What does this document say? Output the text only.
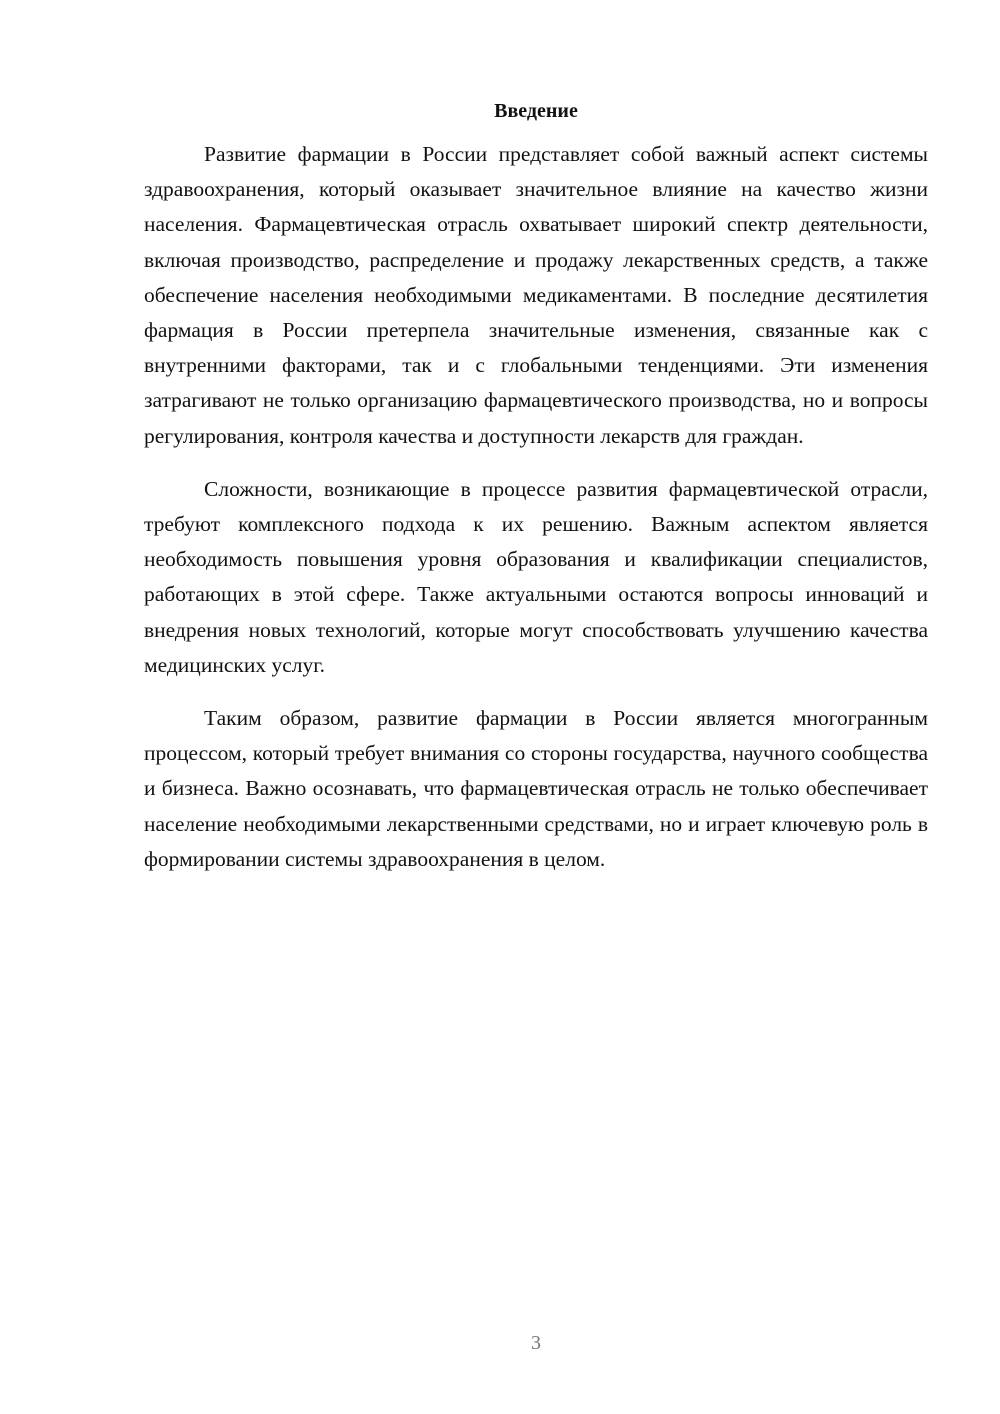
Введение

Развитие фармации в России представляет собой важный аспект системы здравоохранения, который оказывает значительное влияние на качество жизни населения. Фармацевтическая отрасль охватывает широкий спектр деятельности, включая производство, распределение и продажу лекарственных средств, а также обеспечение населения необходимыми медикаментами. В последние десятилетия фармация в России претерпела значительные изменения, связанные как с внутренними факторами, так и с глобальными тенденциями. Эти изменения затрагивают не только организацию фармацевтического производства, но и вопросы регулирования, контроля качества и доступности лекарств для граждан.

Сложности, возникающие в процессе развития фармацевтической отрасли, требуют комплексного подхода к их решению. Важным аспектом является необходимость повышения уровня образования и квалификации специалистов, работающих в этой сфере. Также актуальными остаются вопросы инноваций и внедрения новых технологий, которые могут способствовать улучшению качества медицинских услуг.

Таким образом, развитие фармации в России является многогранным процессом, который требует внимания со стороны государства, научного сообщества и бизнеса. Важно осознавать, что фармацевтическая отрасль не только обеспечивает население необходимыми лекарственными средствами, но и играет ключевую роль в формировании системы здравоохранения в целом.

3
